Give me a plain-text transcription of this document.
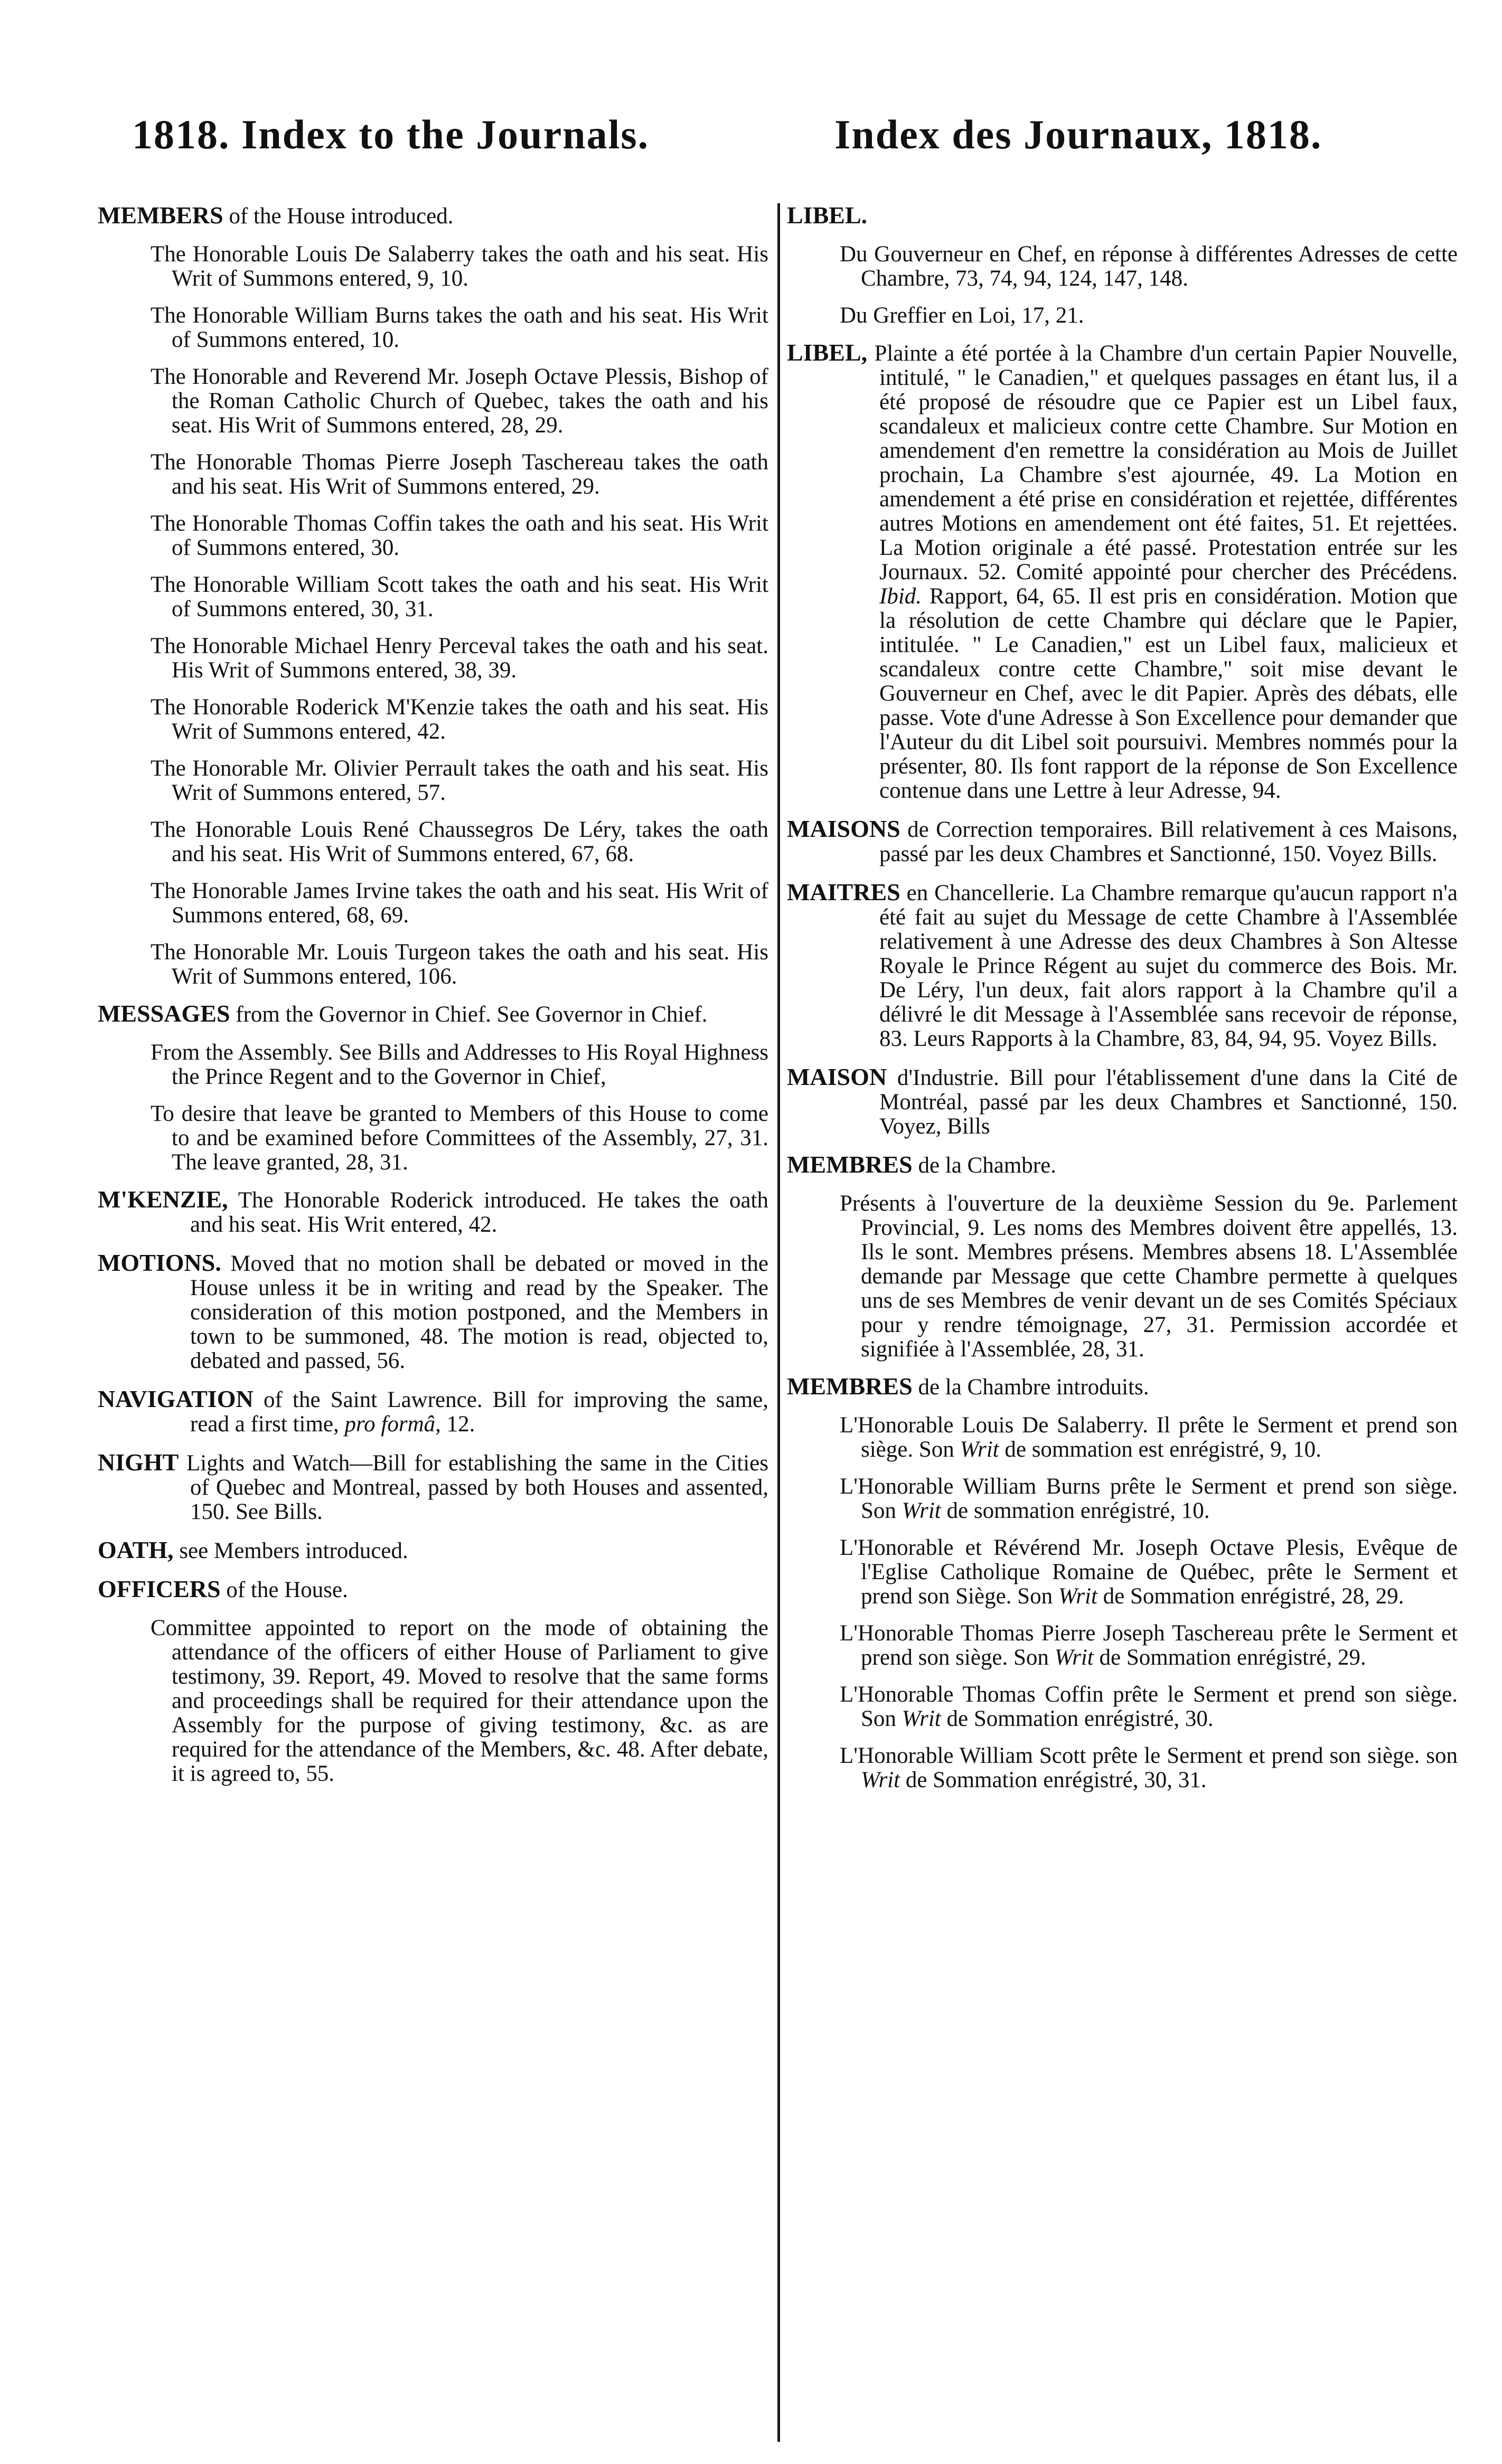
1818. Index to the Journals.	Index des Journaux, 1818.
MEMBERS of the House introduced.
The Honorable Louis De Salaberry takes the oath and his seat. His Writ of Summons entered, 9, 10.
The Honorable William Burns takes the oath and his seat. His Writ of Summons entered, 10.
The Honorable and Reverend Mr. Joseph Octave Plessis, Bishop of the Roman Catholic Church of Quebec, takes the oath and his seat. His Writ of Summons entered, 28, 29.
The Honorable Thomas Pierre Joseph Taschereau takes the oath and his seat. His Writ of Summons entered, 29.
The Honorable Thomas Coffin takes the oath and his seat. His Writ of Summons entered, 30.
The Honorable William Scott takes the oath and his seat. His Writ of Summons entered, 30, 31.
The Honorable Michael Henry Perceval takes the oath and his seat. His Writ of Summons entered, 38, 39.
The Honorable Roderick M'Kenzie takes the oath and his seat. His Writ of Summons entered, 42.
The Honorable Mr. Olivier Perrault takes the oath and his seat. His Writ of Summons entered, 57.
The Honorable Louis René Chaussegros De Léry, takes the oath and his seat. His Writ of Summons entered, 67, 68.
The Honorable James Irvine takes the oath and his seat. His Writ of Summons entered, 68, 69.
The Honorable Mr. Louis Turgeon takes the oath and his seat. His Writ of Summons entered, 106.
MESSAGES from the Governor in Chief. See Governor in Chief.
From the Assembly. See Bills and Addresses to His Royal Highness the Prince Regent and to the Governor in Chief,
To desire that leave be granted to Members of this House to come to and be examined before Committees of the Assembly, 27, 31. The leave granted, 28, 31.
M'KENZIE, The Honorable Roderick introduced. He takes the oath and his seat. His Writ entered, 42.
MOTIONS. Moved that no motion shall be debated or moved in the House unless it be in writing and read by the Speaker. The consideration of this motion postponed, and the Members in town to be summoned, 48. The motion is read, objected to, debated and passed, 56.
NAVIGATION of the Saint Lawrence. Bill for improving the same, read a first time, pro formâ, 12.
NIGHT Lights and Watch—Bill for establishing the same in the Cities of Quebec and Montreal, passed by both Houses and assented, 150. See Bills.
OATH, see Members introduced.
OFFICERS of the House.
Committee appointed to report on the mode of obtaining the attendance of the officers of either House of Parliament to give testimony, 39. Report, 49. Moved to resolve that the same forms and proceedings shall be required for their attendance upon the Assembly for the purpose of giving testimony, &c. as are required for the attendance of the Members, &c. 48. After debate, it is agreed to, 55.
LIBEL.
Du Gouverneur en Chef, en réponse à différentes Adresses de cette Chambre, 73, 74, 94, 124, 147, 148.
Du Greffier en Loi, 17, 21.
LIBEL, Plainte a été portée à la Chambre d'un certain Papier Nouvelle, intitulé, " le Canadien," et quelques passages en étant lus, il a été proposé de résoudre que ce Papier est un Libel faux, scandaleux et malicieux contre cette Chambre. Sur Motion en amendement d'en remettre la considération au Mois de Juillet prochain, La Chambre s'est ajournée, 49. La Motion en amendement a été prise en considération et rejettée, différentes autres Motions en amendement ont été faites, 51. Et rejettées. La Motion originale a été passé. Protestation entrée sur les Journaux. 52. Comité appointé pour chercher des Précédens. Ibid. Rapport, 64, 65. Il est pris en considération. Motion que la résolution de cette Chambre qui déclare que le Papier, intitulée. " Le Canadien," est un Libel faux, malicieux et scandaleux contre cette Chambre," soit mise devant le Gouverneur en Chef, avec le dit Papier. Après des débats, elle passe. Vote d'une Adresse à Son Excellence pour demander que l'Auteur du dit Libel soit poursuivi. Membres nommés pour la présenter, 80. Ils font rapport de la réponse de Son Excellence contenue dans une Lettre à leur Adresse, 94.
MAISONS de Correction temporaires. Bill relativement à ces Maisons, passé par les deux Chambres et Sanctionné, 150. Voyez Bills.
MAITRES en Chancellerie. La Chambre remarque qu'aucun rapport n'a été fait au sujet du Message de cette Chambre à l'Assemblée relativement à une Adresse des deux Chambres à Son Altesse Royale le Prince Régent au sujet du commerce des Bois. Mr. De Léry, l'un deux, fait alors rapport à la Chambre qu'il a délivré le dit Message à l'Assemblée sans recevoir de réponse, 83. Leurs Rapports à la Chambre, 83, 84, 94, 95. Voyez Bills.
MAISON d'Industrie. Bill pour l'établissement d'une dans la Cité de Montréal, passé par les deux Chambres et Sanctionné, 150. Voyez, Bills
MEMBRES de la Chambre.
Présents à l'ouverture de la deuxième Session du 9e. Parlement Provincial, 9. Les noms des Membres doivent être appellés, 13. Ils le sont. Membres présens. Membres absens 18. L'Assemblée demande par Message que cette Chambre permette à quelques uns de ses Membres de venir devant un de ses Comités Spéciaux pour y rendre témoignage, 27, 31. Permission accordée et signifiée à l'Assemblée, 28, 31.
MEMBRES de la Chambre introduits.
L'Honorable Louis De Salaberry. Il prête le Serment et prend son siège. Son Writ de sommation est enrégistré, 9, 10.
L'Honorable William Burns prête le Serment et prend son siège. Son Writ de sommation enrégistré, 10.
L'Honorable et Révérend Mr. Joseph Octave Plesis, Evêque de l'Eglise Catholique Romaine de Québec, prête le Serment et prend son Siège. Son Writ de Sommation enrégistré, 28, 29.
L'Honorable Thomas Pierre Joseph Taschereau prête le Serment et prend son siège. Son Writ de Sommation enrégistré, 29.
L'Honorable Thomas Coffin prête le Serment et prend son siège. Son Writ de Sommation enrégistré, 30.
L'Honorable William Scott prête le Serment et prend son siège. son Writ de Sommation enrégistré, 30, 31.
